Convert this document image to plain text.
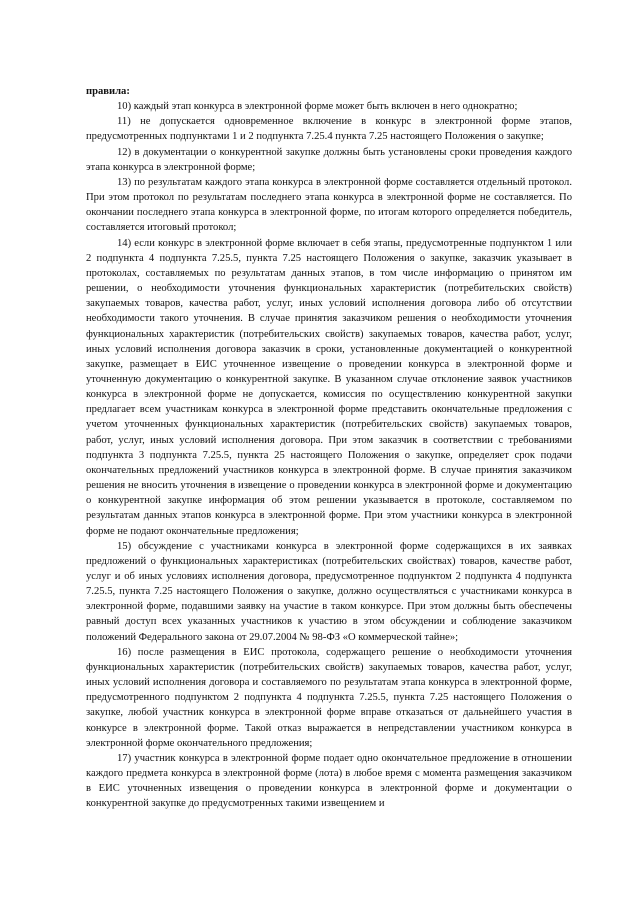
правила:

10) каждый этап конкурса в электронной форме может быть включен в него однократно;

11) не допускается одновременное включение в конкурс в электронной форме этапов, предусмотренных подпунктами 1 и 2 подпункта 7.25.4 пункта 7.25 настоящего Положения о закупке;

12) в документации о конкурентной закупке должны быть установлены сроки проведения каждого этапа конкурса в электронной форме;

13) по результатам каждого этапа конкурса в электронной форме составляется отдельный протокол. При этом протокол по результатам последнего этапа конкурса в электронной форме не составляется. По окончании последнего этапа конкурса в электронной форме, по итогам которого определяется победитель, составляется итоговый протокол;

14) если конкурс в электронной форме включает в себя этапы, предусмотренные подпунктом 1 или 2 подпункта 4 подпункта 7.25.5, пункта 7.25 настоящего Положения о закупке, заказчик указывает в протоколах, составляемых по результатам данных этапов, в том числе информацию о принятом им решении, о необходимости уточнения функциональных характеристик (потребительских свойств) закупаемых товаров, качества работ, услуг, иных условий исполнения договора либо об отсутствии необходимости такого уточнения. В случае принятия заказчиком решения о необходимости уточнения функциональных характеристик (потребительских свойств) закупаемых товаров, качества работ, услуг, иных условий исполнения договора заказчик в сроки, установленные документацией о конкурентной закупке, размещает в ЕИС уточненное извещение о проведении конкурса в электронной форме и уточненную документацию о конкурентной закупке. В указанном случае отклонение заявок участников конкурса в электронной форме не допускается, комиссия по осуществлению конкурентной закупки предлагает всем участникам конкурса в электронной форме представить окончательные предложения с учетом уточненных функциональных характеристик (потребительских свойств) закупаемых товаров, работ, услуг, иных условий исполнения договора. При этом заказчик в соответствии с требованиями подпункта 3 подпункта 7.25.5, пункта 25 настоящего Положения о закупке, определяет срок подачи окончательных предложений участников конкурса в электронной форме. В случае принятия заказчиком решения не вносить уточнения в извещение о проведении конкурса в электронной форме и документацию о конкурентной закупке информация об этом решении указывается в протоколе, составляемом по результатам данных этапов конкурса в электронной форме. При этом участники конкурса в электронной форме не подают окончательные предложения;

15) обсуждение с участниками конкурса в электронной форме содержащихся в их заявках предложений о функциональных характеристиках (потребительских свойствах) товаров, качестве работ, услуг и об иных условиях исполнения договора, предусмотренное подпунктом 2 подпункта 4 подпункта 7.25.5, пункта 7.25 настоящего Положения о закупке, должно осуществляться с участниками конкурса в электронной форме, подавшими заявку на участие в таком конкурсе. При этом должны быть обеспечены равный доступ всех указанных участников к участию в этом обсуждении и соблюдение заказчиком положений Федерального закона от 29.07.2004 № 98-ФЗ «О коммерческой тайне»;

16) после размещения в ЕИС протокола, содержащего решение о необходимости уточнения функциональных характеристик (потребительских свойств) закупаемых товаров, качества работ, услуг, иных условий исполнения договора и составляемого по результатам этапа конкурса в электронной форме, предусмотренного подпунктом 2 подпункта 4 подпункта 7.25.5, пункта 7.25 настоящего Положения о закупке, любой участник конкурса в электронной форме вправе отказаться от дальнейшего участия в конкурсе в электронной форме. Такой отказ выражается в непредставлении участником конкурса в электронной форме окончательного предложения;

17) участник конкурса в электронной форме подает одно окончательное предложение в отношении каждого предмета конкурса в электронной форме (лота) в любое время с момента размещения заказчиком в ЕИС уточненных извещения о проведении конкурса в электронной форме и документации о конкурентной закупке до предусмотренных такими извещением и
